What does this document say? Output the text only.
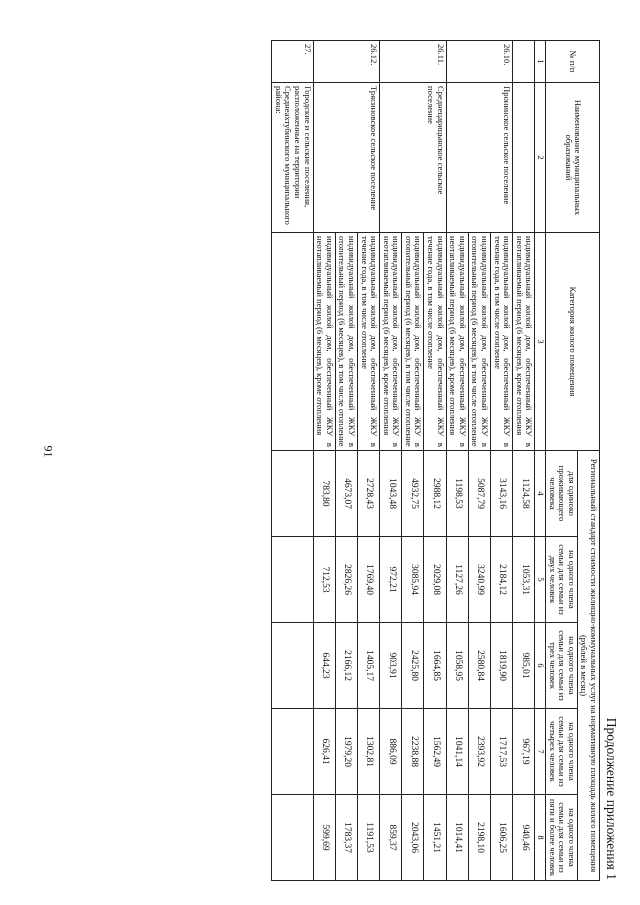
91
Продолжение приложения 1
№ п/п	Наименование муниципальных образований	Категория жилого помещения	Региональный стандарт стоимости жилищно-коммунальных услуг на нормативную площадь жилого помещения (рублей в месяц)				
			для одиноко проживающего человека	на одного члена семьи для семьи из двух человек	на одного члена семьи для семьи из трех человек	на одного члена семьи для семьи из четырех человек	на одного члена семьи для семьи из пяти и более человек
1	2	3	4	5	6	7	8
		индивидуальный жилой дом, обеспеченный ЖКУ в неотапливаемый период (6 месяцев), кроме отопления	1124,58	1053,31	985,01	967,19	940,46
26.10.	Пронинское сельское поселение	индивидуальный жилой дом, обеспеченный ЖКУ в течение года, в том числе отопление	3143,16	2184,12	1819,90	1717,53	1606,25
		индивидуальный жилой дом, обеспеченный ЖКУ в отопительный период (6 месяцев), в том числе отопление	5087,79	3240,99	2580,84	2393,92	2198,10
		индивидуальный жилой дом, обеспеченный ЖКУ в неотапливаемый период (6 месяцев), кроме отопления	1198,53	1127,26	1058,95	1041,14	1014,41
26.11.	Среднецарицынское сельское поселение	индивидуальный жилой дом, обеспеченный ЖКУ в течение года, в том числе отопление	2988,12	2029,08	1664,85	1562,49	1451,21
		индивидуальный жилой дом, обеспеченный ЖКУ в отопительный период (6 месяцев), в том числе отопление	4932,75	3085,94	2425,80	2238,88	2043,06
		индивидуальный жилой дом, обеспеченный ЖКУ в неотапливаемый период (6 месяцев), кроме отопления	1043,48	972,21	903,91	886,09	859,37
26.12.	Трясиновское сельское поселение	индивидуальный жилой дом, обеспеченный ЖКУ в течение года, в том числе отопление	2728,43	1769,40	1405,17	1302,81	1191,53
		индивидуальный жилой дом, обеспеченный ЖКУ в отопительный период (6 месяцев), в том числе отопление	4673,07	2826,26	2166,12	1979,20	1783,37
		индивидуальный жилой дом, обеспеченный ЖКУ в неотапливаемый период (6 месяцев), кроме отопления	783,80	712,53	644,23	626,41	599,69
27.	Городские и сельские поселения, расположенные на территории Среднеахтубинского муниципального района:						
